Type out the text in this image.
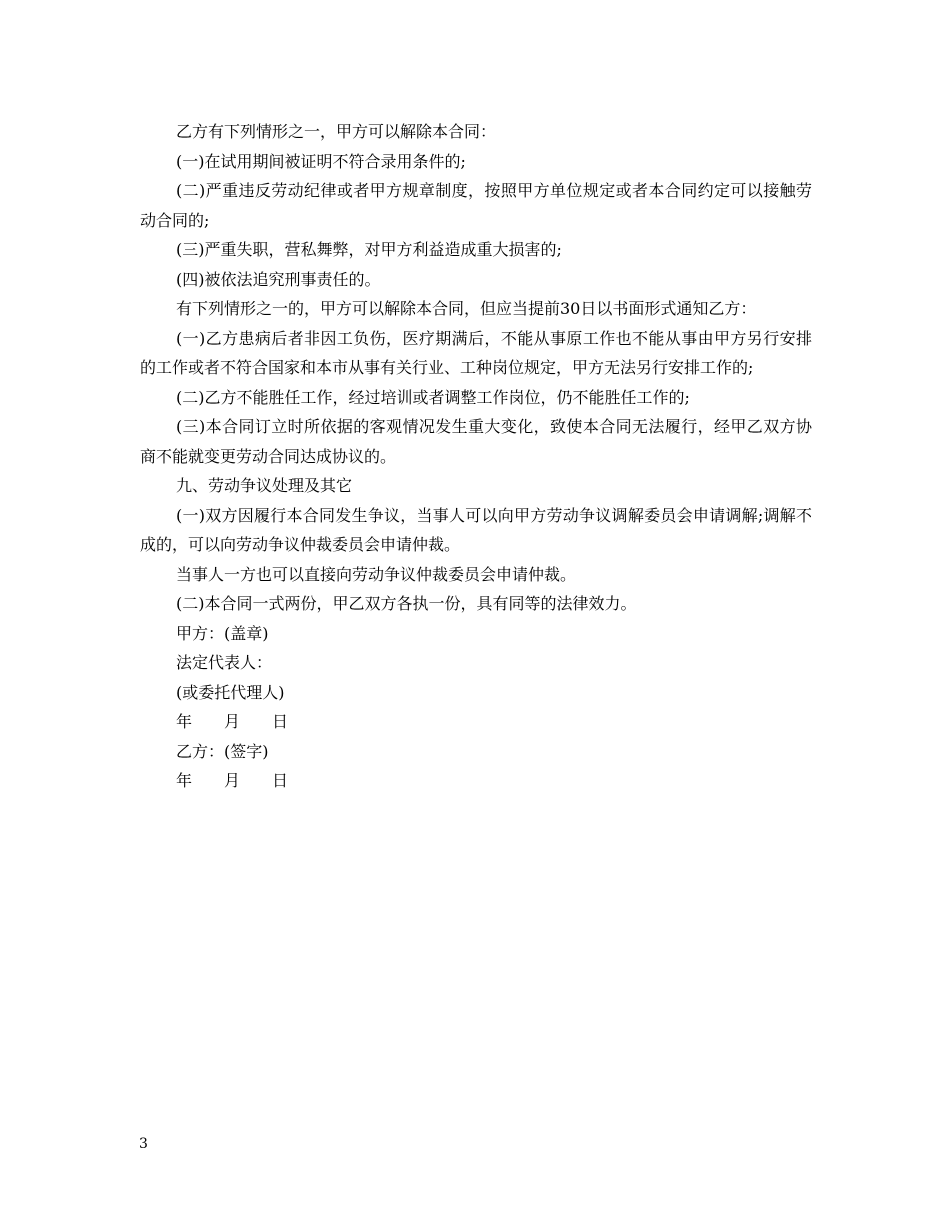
乙方有下列情形之一，甲方可以解除本合同：

(一)在试用期间被证明不符合录用条件的;

(二)严重违反劳动纪律或者甲方规章制度，按照甲方单位规定或者本合同约定可以接触劳动合同的;

(三)严重失职，营私舞弊，对甲方利益造成重大损害的;

(四)被依法追究刑事责任的。

有下列情形之一的，甲方可以解除本合同，但应当提前30日以书面形式通知乙方：

(一)乙方患病后者非因工负伤，医疗期满后，不能从事原工作也不能从事由甲方另行安排的工作或者不符合国家和本市从事有关行业、工种岗位规定，甲方无法另行安排工作的;

(二)乙方不能胜任工作，经过培训或者调整工作岗位，仍不能胜任工作的;

(三)本合同订立时所依据的客观情况发生重大变化，致使本合同无法履行，经甲乙双方协商不能就变更劳动合同达成协议的。

九、劳动争议处理及其它

(一)双方因履行本合同发生争议，当事人可以向甲方劳动争议调解委员会申请调解;调解不成的，可以向劳动争议仲裁委员会申请仲裁。

当事人一方也可以直接向劳动争议仲裁委员会申请仲裁。

(二)本合同一式两份，甲乙双方各执一份，具有同等的法律效力。

甲方：(盖章)

法定代表人：

(或委托代理人)

年　　月　　日

乙方：(签字)

年　　月　　日

3
